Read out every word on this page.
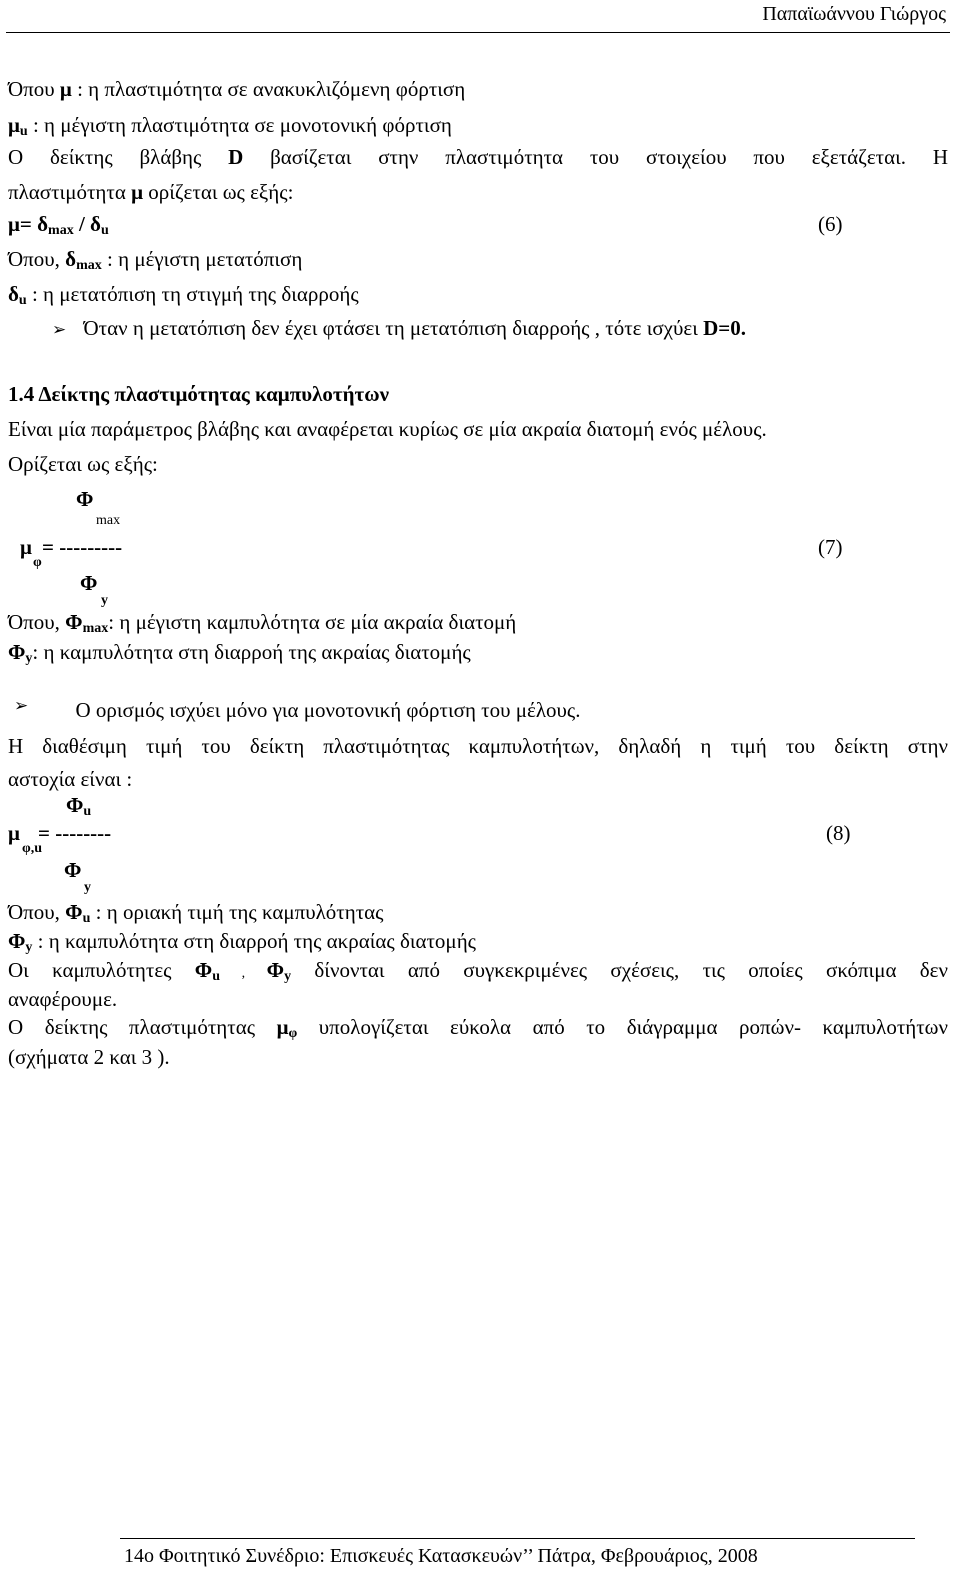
Παπαϊωάννου Γιώργος
Όπου μ : η πλαστιμότητα σε ανακυκλιζόμενη φόρτιση
μu : η μέγιστη πλαστιμότητα σε μονοτονική φόρτιση
Ο δείκτης βλάβης D βασίζεται στην πλαστιμότητα του στοιχείου που εξετάζεται. Η
πλαστιμότητα μ ορίζεται ως εξής:
μ= δmax / δu	(6)
Όπου, δmax : η μέγιστη μετατόπιση
δu : η μετατόπιση τη στιγμή της διαρροής
➢ Όταν η μετατόπιση δεν έχει φτάσει τη μετατόπιση διαρροής , τότε ισχύει D=0.
1.4 Δείκτης πλαστιμότητας καμπυλοτήτων
Είναι μία παράμετρος βλάβης και αναφέρεται κυρίως σε μία ακραία διατομή ενός μέλους.
Ορίζεται ως εξής:
Φ
max
μ
φ
= ---------	(7)
Φ
y
Όπου, Φmax: η μέγιστη καμπυλότητα σε μία ακραία διατομή
Φy: η καμπυλότητα στη διαρροή της ακραίας διατομής
➢ Ο ορισμός ισχύει μόνο για μονοτονική φόρτιση του μέλους.
Η διαθέσιμη τιμή του δείκτη πλαστιμότητας καμπυλοτήτων, δηλαδή η τιμή του δείκτη στην
αστοχία είναι :
Φu
μ
φ,u
= --------	(8)
Φ
y
Όπου, Φu : η οριακή τιμή της καμπυλότητας
Φy : η καμπυλότητα στη διαρροή της ακραίας διατομής
Οι καμπυλότητες Φu , Φy δίνονται από συγκεκριμένες σχέσεις, τις οποίες σκόπιμα δεν
αναφέρουμε.
Ο δείκτης πλαστιμότητας μφ υπολογίζεται εύκολα από το διάγραμμα ροπών- καμπυλοτήτων
(σχήματα 2 και 3 ).
14o Φοιτητικό Συνέδριο: Επισκευές Κατασκευών’’ Πάτρα, Φεβρουάριος, 2008
